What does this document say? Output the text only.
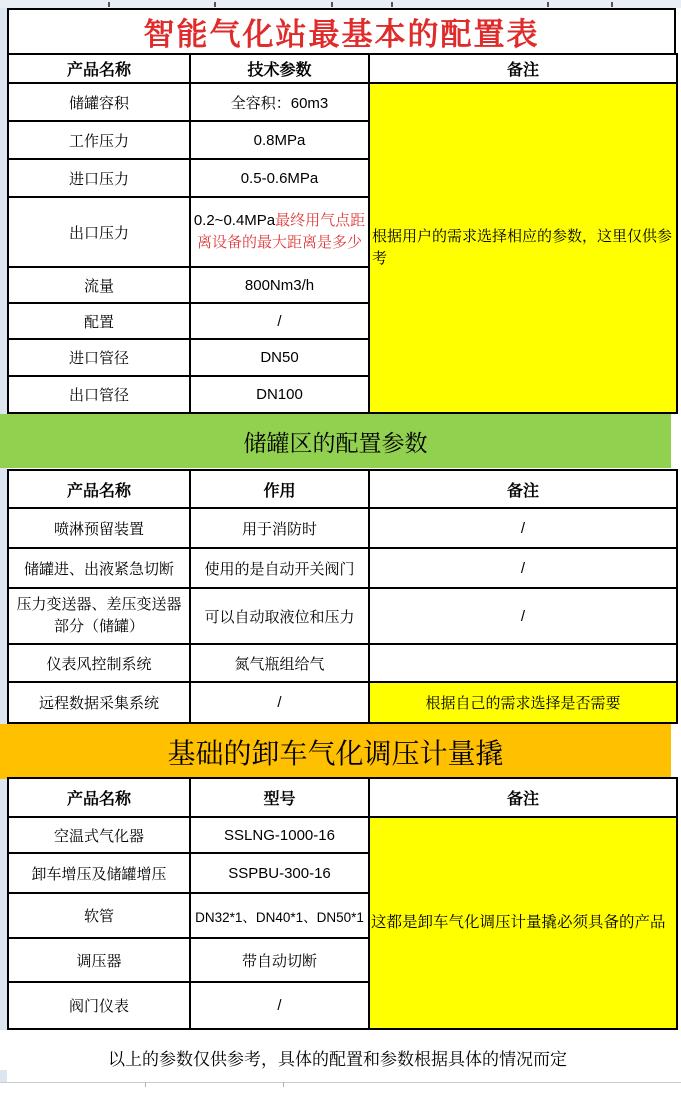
智能气化站最基本的配置表
产品名称	技术参数	备注
储罐容积	全容积：60m3	根据用户的需求选择相应的参数，这里仅供参考
工作压力	0.8MPa	
进口压力	0.5-0.6MPa	
出口压力	0.2~0.4MPa最终用气点距离设备的最大距离是多少	
流量	800Nm3/h	
配置	/	
进口管径	DN50	
出口管径	DN100	
储罐区的配置参数
产品名称	作用	备注
喷淋预留装置	用于消防时	/
储罐进、出液紧急切断	使用的是自动开关阀门	/
压力变送器、差压变送器部分（储罐）	可以自动取液位和压力	/
仪表风控制系统	氮气瓶组给气	
远程数据采集系统	/	根据自己的需求选择是否需要
基础的卸车气化调压计量撬
产品名称	型号	备注
空温式气化器	SSLNG-1000-16	这都是卸车气化调压计量撬必须具备的产品
卸车增压及储罐增压	SSPBU-300-16	
软管	DN32*1、DN40*1、DN50*1	
调压器	带自动切断	
阀门仪表	/	
以上的参数仅供参考，具体的配置和参数根据具体的情况而定
